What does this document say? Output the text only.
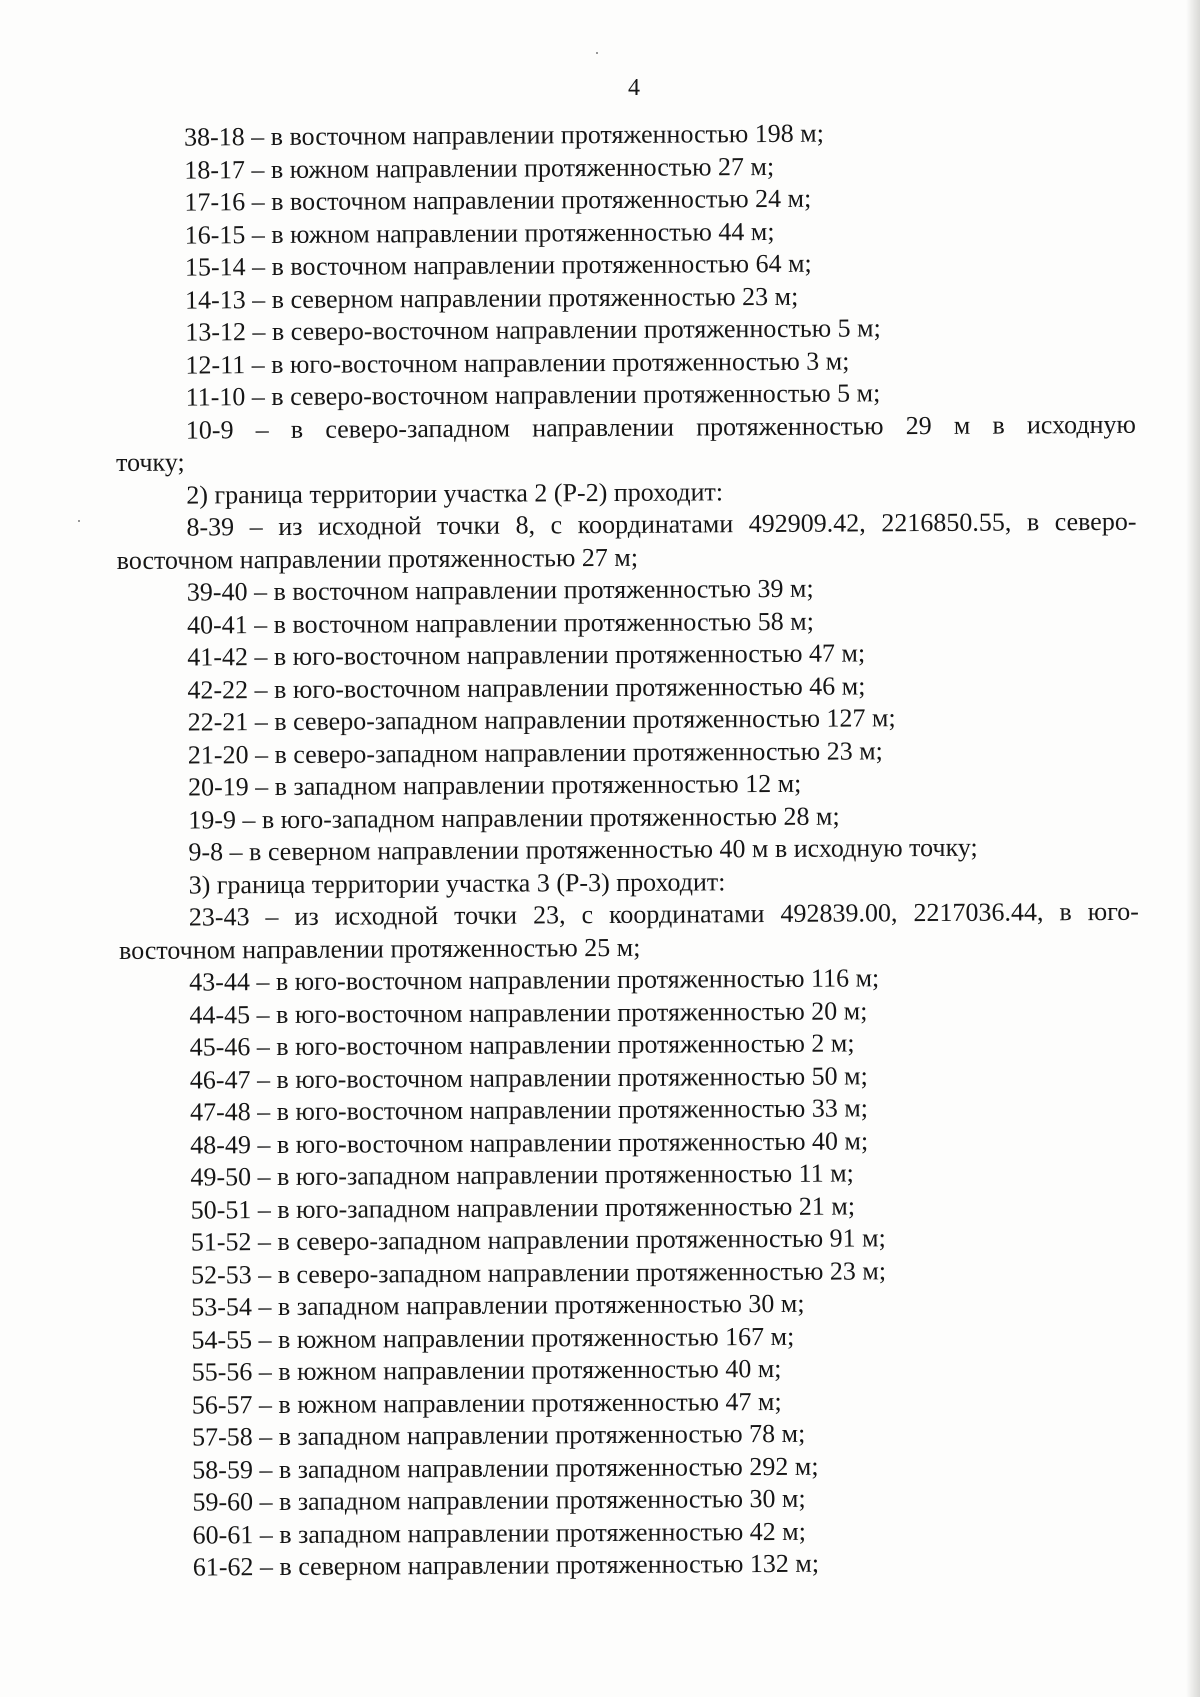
4

38-18 – в восточном направлении протяженностью 198 м;

18-17 – в южном направлении протяженностью 27 м;

17-16 – в восточном направлении протяженностью 24 м;

16-15 – в южном направлении протяженностью 44 м;

15-14 – в восточном направлении протяженностью 64 м;

14-13 – в северном направлении протяженностью 23 м;

13-12 – в северо-восточном направлении протяженностью 5 м;

12-11 – в юго-восточном направлении протяженностью 3 м;

11-10 – в северо-восточном направлении протяженностью 5 м;

10-9 – в северо-западном направлении протяженностью 29 м в исходную

точку;

2) граница территории участка 2 (Р-2) проходит:

8-39 – из исходной точки 8, с координатами 492909.42, 2216850.55, в северо-

восточном направлении протяженностью 27 м;

39-40 – в восточном направлении протяженностью 39 м;

40-41 – в восточном направлении протяженностью 58 м;

41-42 – в юго-восточном направлении протяженностью 47 м;

42-22 – в юго-восточном направлении протяженностью 46 м;

22-21 – в северо-западном направлении протяженностью 127 м;

21-20 – в северо-западном направлении протяженностью 23 м;

20-19 – в западном направлении протяженностью 12 м;

19-9 – в юго-западном направлении протяженностью 28 м;

9-8 – в северном направлении протяженностью 40 м в исходную точку;

3) граница территории участка 3 (Р-3) проходит:

23-43 – из исходной точки 23, с координатами 492839.00, 2217036.44, в юго-

восточном направлении протяженностью 25 м;

43-44 – в юго-восточном направлении протяженностью 116 м;

44-45 – в юго-восточном направлении протяженностью 20 м;

45-46 – в юго-восточном направлении протяженностью 2 м;

46-47 – в юго-восточном направлении протяженностью 50 м;

47-48 – в юго-восточном направлении протяженностью 33 м;

48-49 – в юго-восточном направлении протяженностью 40 м;

49-50 – в юго-западном направлении протяженностью 11 м;

50-51 – в юго-западном направлении протяженностью 21 м;

51-52 – в северо-западном направлении протяженностью 91 м;

52-53 – в северо-западном направлении протяженностью 23 м;

53-54 – в западном направлении протяженностью 30 м;

54-55 – в южном направлении протяженностью 167 м;

55-56 – в южном направлении протяженностью 40 м;

56-57 – в южном направлении протяженностью 47 м;

57-58 – в западном направлении протяженностью 78 м;

58-59 – в западном направлении протяженностью 292 м;

59-60 – в западном направлении протяженностью 30 м;

60-61 – в западном направлении протяженностью 42 м;

61-62 – в северном направлении протяженностью 132 м;
